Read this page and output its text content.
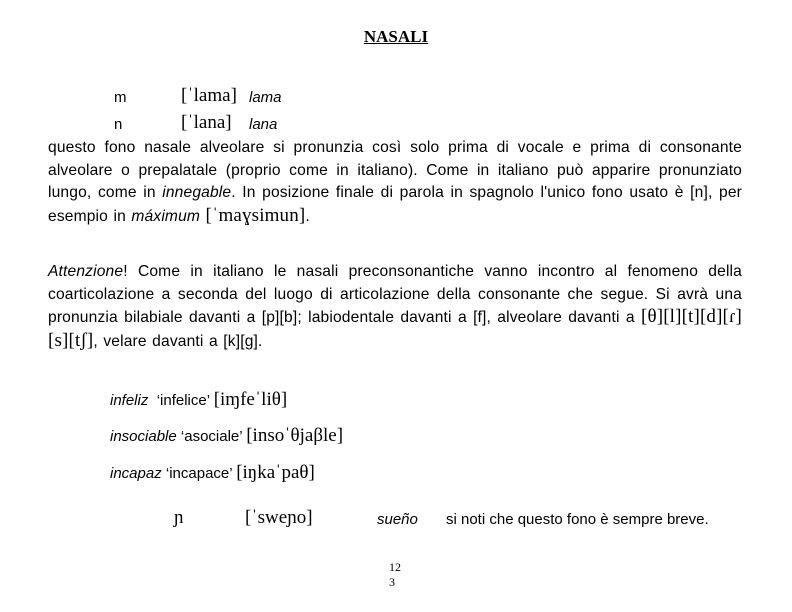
NASALI
m	[ˈlama] lama
n	[ˈlana] lana
questo fono nasale alveolare si pronunzia così solo prima di vocale e prima di consonante alveolare o prepalatale (proprio come in italiano). Come in italiano può apparire pronunziato lungo, come in innegable. In posizione finale di parola in spagnolo l'unico fono usato è [n], per esempio in máximum [ˈmaɣsimun].
Attenzione! Come in italiano le nasali preconsonantiche vanno incontro al fenomeno della coarticolazione a seconda del luogo di articolazione della consonante che segue. Si avrà una pronunzia bilabiale davanti a [p][b]; labiodentale davanti a [f], alveolare davanti a [θ][l][t][d][ɾ][s][tʃ], velare davanti a [k][g].
infeliz ‘infelice’ [iɱfeˈliθ]
insociable ‘asociale’ [insoˈθjaβle]
incapaz ‘incapace’ [iŋkaˈpaθ]
ɲ	[ˈsweɲo]	sueño si noti che questo fono è sempre breve.
12
3
